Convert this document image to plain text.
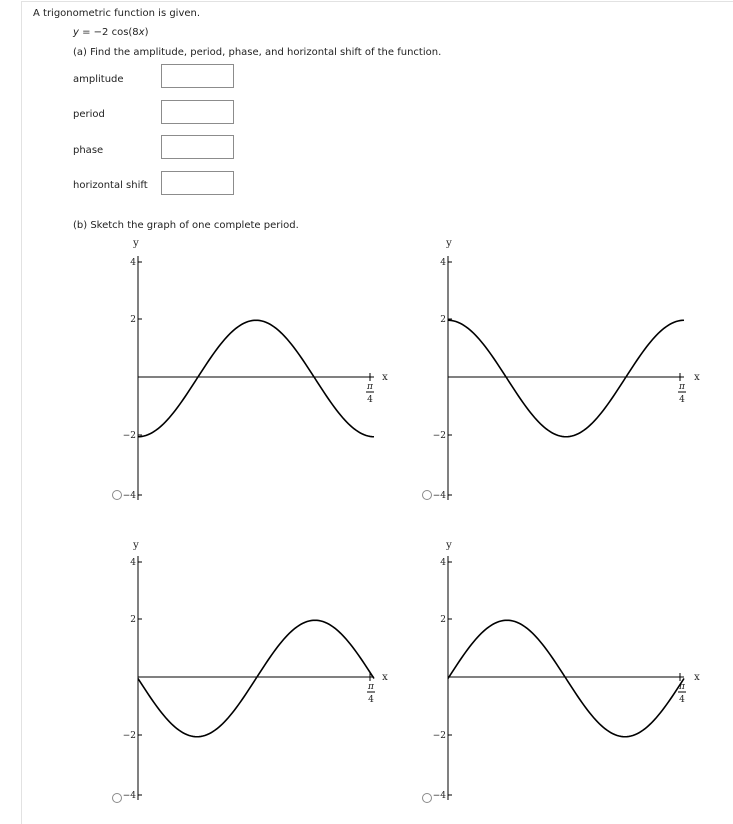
A trigonometric function is given.
y = −2 cos(8x)
(a) Find the amplitude, period, phase, and horizontal shift of the function.
amplitude
period
phase
horizontal shift
(b) Sketch the graph of one complete period.
y
4
2
−2
−4
π
4
x
y
4
2
−2
−4
π
4
x
y
4
2
−2
−4
π
4
x
y
4
2
−2
−4
π
4
x
